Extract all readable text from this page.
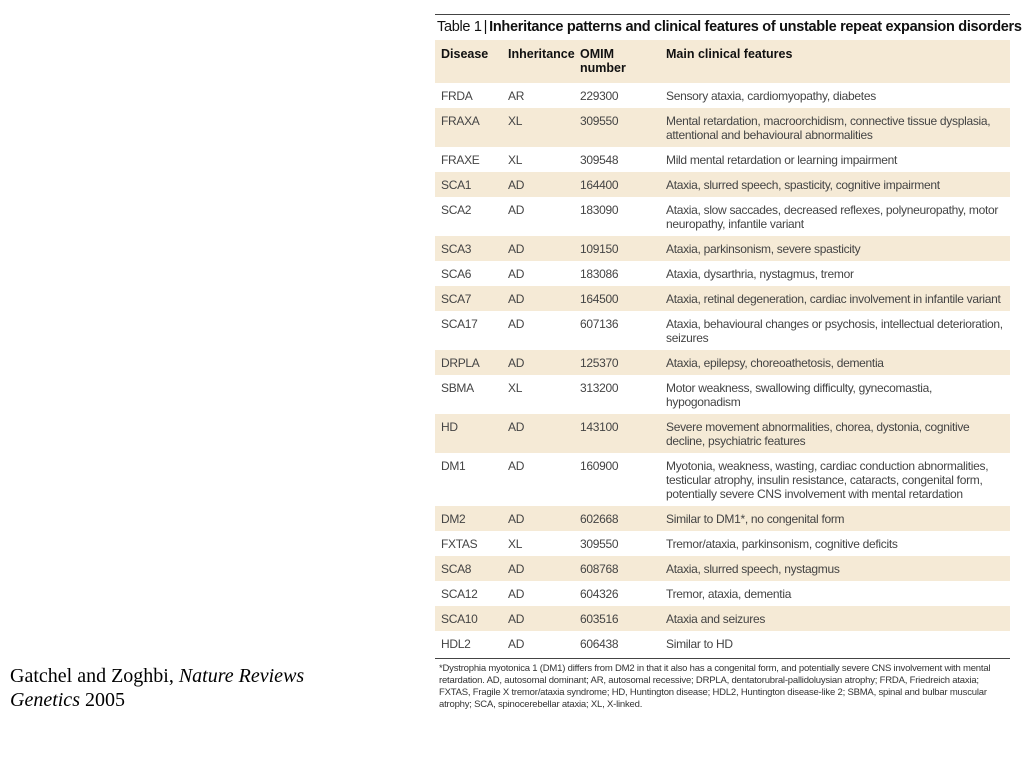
Gatchel and Zoghbi, Nature Reviews Genetics 2005
Table 1 | Inheritance patterns and clinical features of unstable repeat expansion disorders
Disease	Inheritance	OMIM number	Main clinical features
FRDA	AR	229300	Sensory ataxia, cardiomyopathy, diabetes
FRAXA	XL	309550	Mental retardation, macroorchidism, connective tissue dysplasia, attentional and behavioural abnormalities
FRAXE	XL	309548	Mild mental retardation or learning impairment
SCA1	AD	164400	Ataxia, slurred speech, spasticity, cognitive impairment
SCA2	AD	183090	Ataxia, slow saccades, decreased reflexes, polyneuropathy, motor neuropathy, infantile variant
SCA3	AD	109150	Ataxia, parkinsonism, severe spasticity
SCA6	AD	183086	Ataxia, dysarthria, nystagmus, tremor
SCA7	AD	164500	Ataxia, retinal degeneration, cardiac involvement in infantile variant
SCA17	AD	607136	Ataxia, behavioural changes or psychosis, intellectual deterioration, seizures
DRPLA	AD	125370	Ataxia, epilepsy, choreoathetosis, dementia
SBMA	XL	313200	Motor weakness, swallowing difficulty, gynecomastia, hypogonadism
HD	AD	143100	Severe movement abnormalities, chorea, dystonia, cognitive decline, psychiatric features
DM1	AD	160900	Myotonia, weakness, wasting, cardiac conduction abnormalities, testicular atrophy, insulin resistance, cataracts, congenital form, potentially severe CNS involvement with mental retardation
DM2	AD	602668	Similar to DM1*, no congenital form
FXTAS	XL	309550	Tremor/ataxia, parkinsonism, cognitive deficits
SCA8	AD	608768	Ataxia, slurred speech, nystagmus
SCA12	AD	604326	Tremor, ataxia, dementia
SCA10	AD	603516	Ataxia and seizures
HDL2	AD	606438	Similar to HD
*Dystrophia myotonica 1 (DM1) differs from DM2 in that it also has a congenital form, and potentially severe CNS involvement with mental retardation. AD, autosomal dominant; AR, autosomal recessive; DRPLA, dentatorubral-pallidoluysian atrophy; FRDA, Friedreich ataxia; FXTAS, Fragile X tremor/ataxia syndrome; HD, Huntington disease; HDL2, Huntington disease-like 2; SBMA, spinal and bulbar muscular atrophy; SCA, spinocerebellar ataxia; XL, X-linked.
